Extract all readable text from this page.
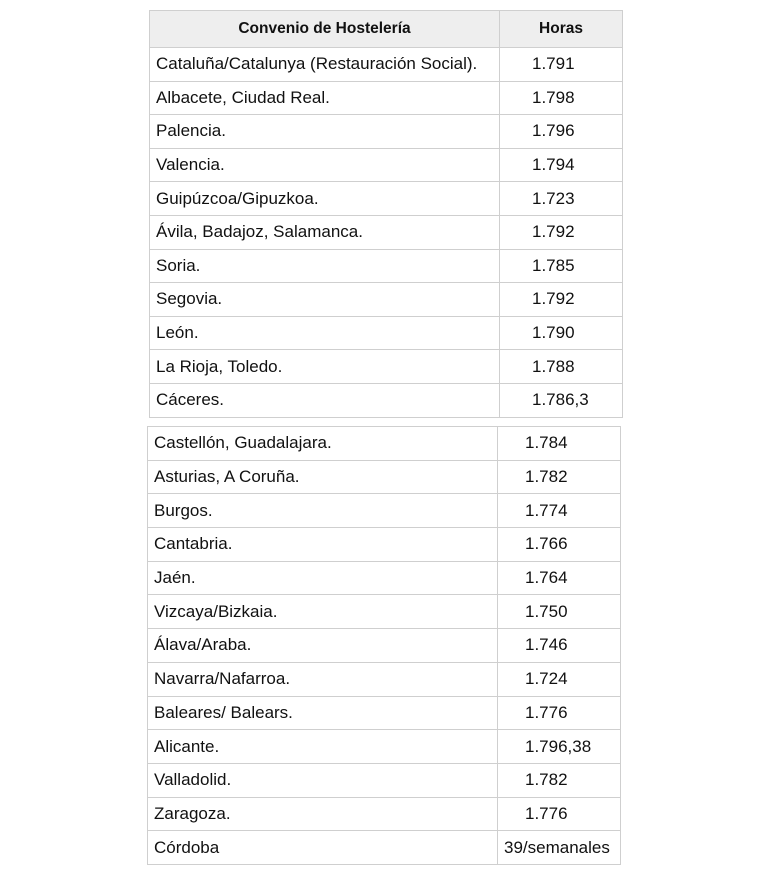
Convenio de Hostelería	Horas
Cataluña/Catalunya (Restauración Social).	1.791
Albacete, Ciudad Real.	1.798
Palencia.	1.796
Valencia.	1.794
Guipúzcoa/Gipuzkoa.	1.723
Ávila, Badajoz, Salamanca.	1.792
Soria.	1.785
Segovia.	1.792
León.	1.790
La Rioja, Toledo.	1.788
Cáceres.	1.786,3
Castellón, Guadalajara.	1.784
Asturias, A Coruña.	1.782
Burgos.	1.774
Cantabria.	1.766
Jaén.	1.764
Vizcaya/Bizkaia.	1.750
Álava/Araba.	1.746
Navarra/Nafarroa.	1.724
Baleares/ Balears.	1.776
Alicante.	1.796,38
Valladolid.	1.782
Zaragoza.	1.776
Córdoba	39/semanales
